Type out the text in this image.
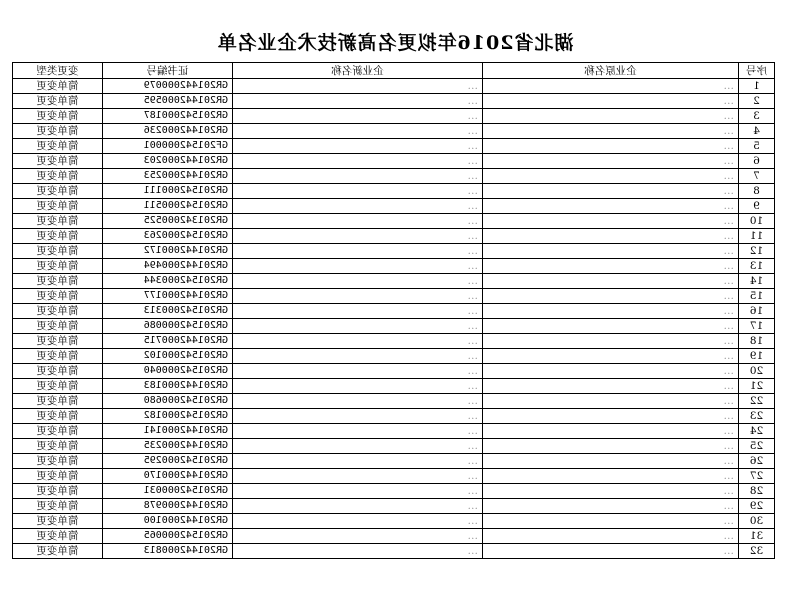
湖北省2016年拟更名高新技术企业名单
序号	企业原名称	企业新名称	证书编号	变更类型
1	…	…	GR201442000079	简单变更
2	…	…	GR201442000595	简单变更
3	…	…	GR201542000187	简单变更
4	…	…	GR201442000236	简单变更
5	…	…	GF201542000001	简单变更
6	…	…	GR201442000203	简单变更
7	…	…	GR201442000253	简单变更
8	…	…	GR201542000111	简单变更
9	…	…	GR201542000511	简单变更
10	…	…	GR201342000525	简单变更
11	…	…	GR201542000263	简单变更
12	…	…	GR201442000172	简单变更
13	…	…	GR201442000494	简单变更
14	…	…	GR201542000344	简单变更
15	…	…	GR201442000177	简单变更
16	…	…	GR201542000313	简单变更
17	…	…	GR201542000086	简单变更
18	…	…	GR201442000715	简单变更
19	…	…	GR201542000102	简单变更
20	…	…	GR201542000040	简单变更
21	…	…	GR201442000183	简单变更
22	…	…	GR201542000680	简单变更
23	…	…	GR201542000182	简单变更
24	…	…	GR201442000141	简单变更
25	…	…	GR201442000235	简单变更
26	…	…	GR201542000295	简单变更
27	…	…	GR201442000170	简单变更
28	…	…	GR201542000031	简单变更
29	…	…	GR201442000978	简单变更
30	…	…	GR201442000100	简单变更
31	…	…	GR201542000065	简单变更
32	…	…	GR201442000813	简单变更
